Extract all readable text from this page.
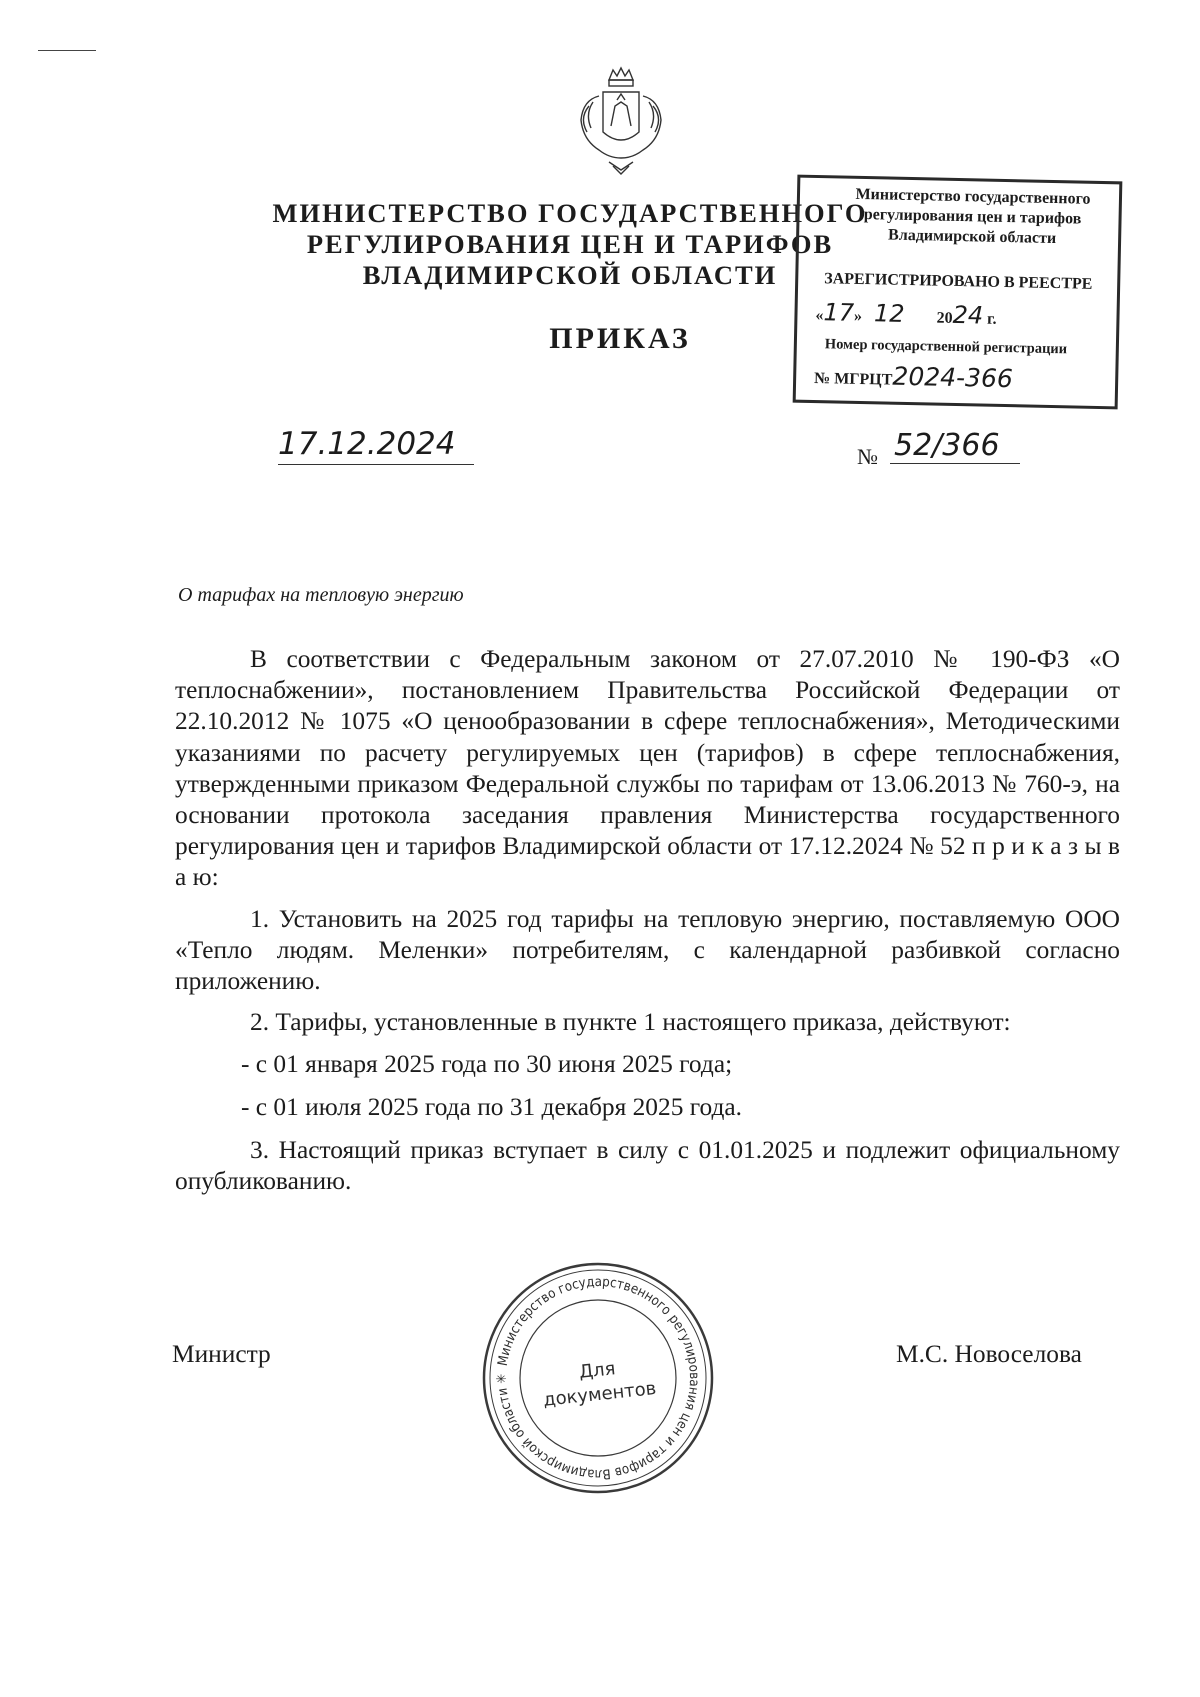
МИНИСТЕРСТВО ГОСУДАРСТВЕННОГО
РЕГУЛИРОВАНИЯ ЦЕН И ТАРИФОВ
ВЛАДИМИРСКОЙ ОБЛАСТИ
ПРИКАЗ
Министерство государственного
регулирования цен и тарифов
Владимирской области
ЗАРЕГИСТРИРОВАНО В РЕЕСТРЕ
«17» 12 2024 г.
Номер государственной регистрации
№ МГРЦТ2024-366
17.12.2024	№ 52/366
О тарифах на тепловую энергию

В соответствии с Федеральным законом от 27.07.2010 № 190-ФЗ «О теплоснабжении», постановлением Правительства Российской Федерации от 22.10.2012 № 1075 «О ценообразовании в сфере теплоснабжения», Методическими указаниями по расчету регулируемых цен (тарифов) в сфере теплоснабжения, утвержденными приказом Федеральной службы по тарифам от 13.06.2013 № 760-э, на основании протокола заседания правления Министерства государственного регулирования цен и тарифов Владимирской области от 17.12.2024 № 52 п р и к а з ы в а ю:

1. Установить на 2025 год тарифы на тепловую энергию, поставляемую ООО «Тепло людям. Меленки» потребителям, с календарной разбивкой согласно приложению.

2. Тарифы, установленные в пункте 1 настоящего приказа, действуют:

- с 01 января 2025 года по 30 июня 2025 года;

- с 01 июля 2025 года по 31 декабря 2025 года.

3. Настоящий приказ вступает в силу с 01.01.2025 и подлежит официальному опубликованию.

Министр	М.С. Новоселова
Министерство государственного регулирования цен и тарифов Владимирской области ✳	Для
документов
